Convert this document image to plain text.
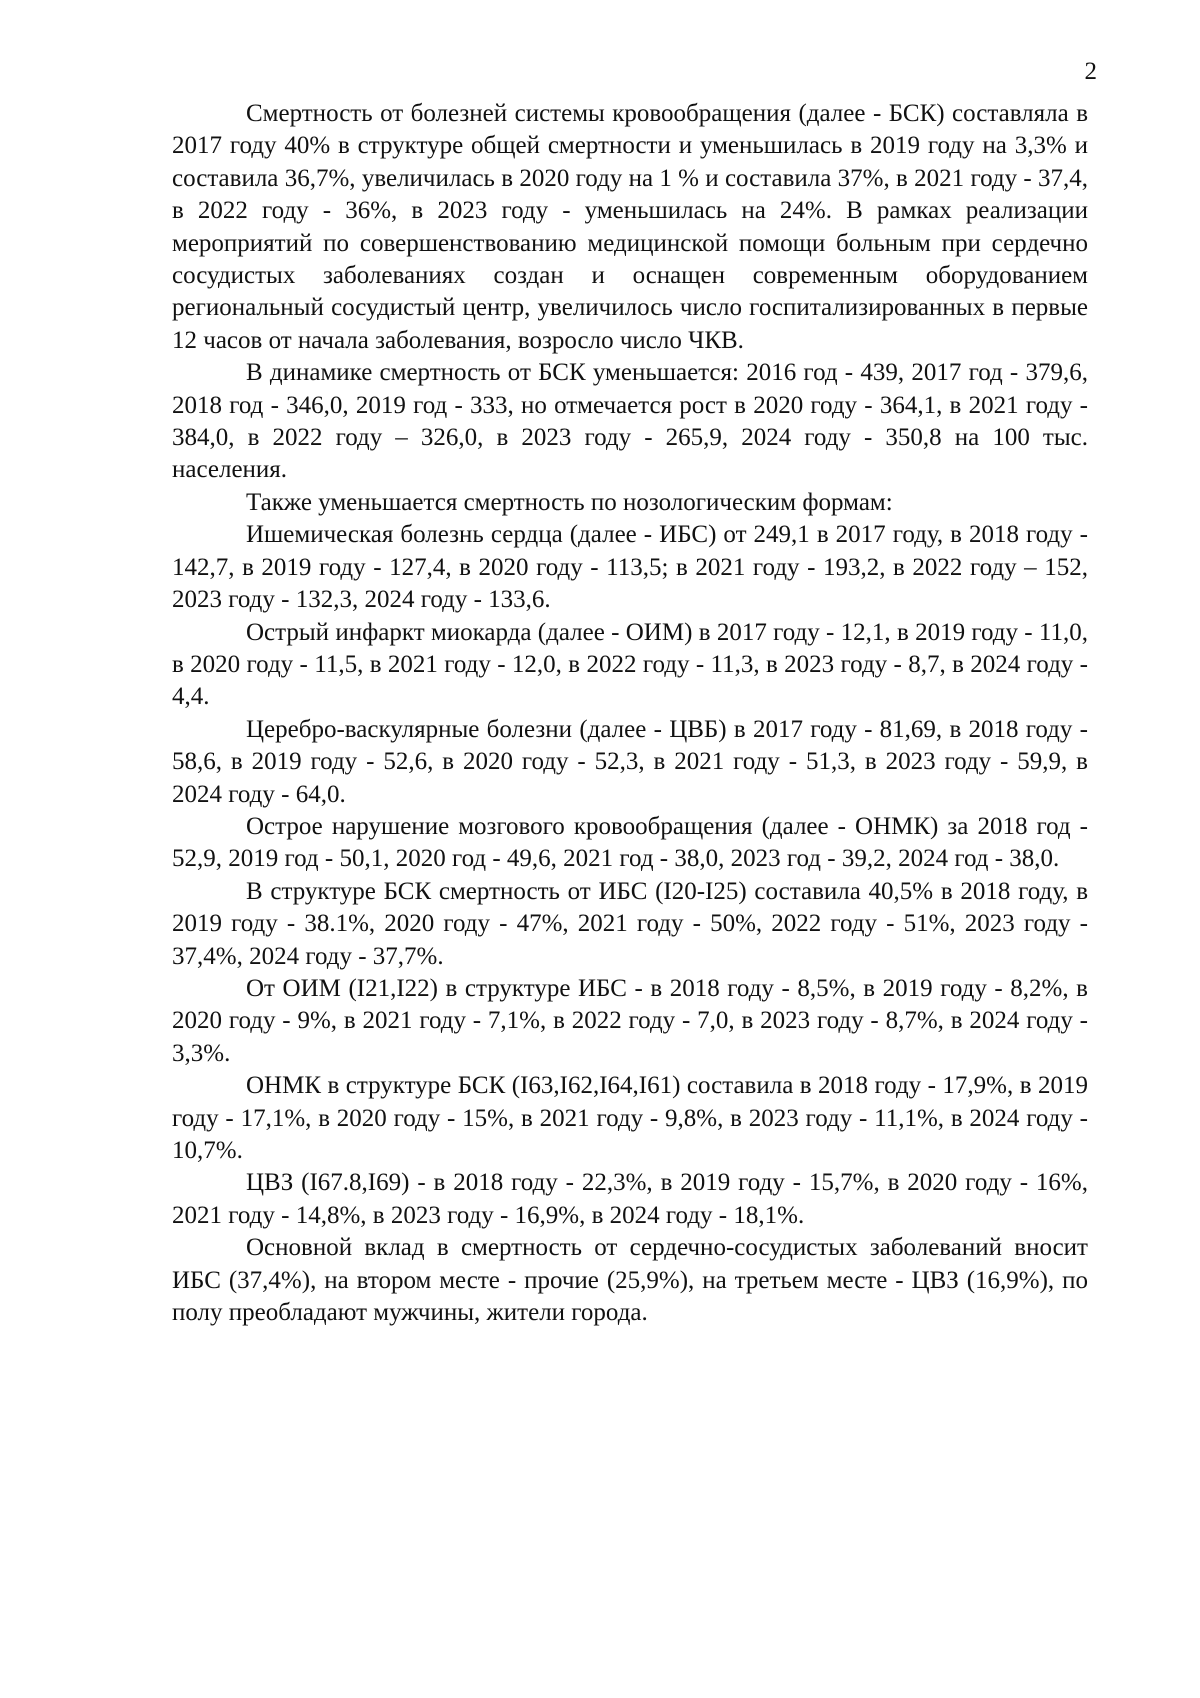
2

Смертность от болезней системы кровообращения (далее - БСК) составляла в 2017 году 40% в структуре общей смертности и уменьшилась в 2019 году на 3,3% и составила 36,7%, увеличилась в 2020 году на 1 % и составила 37%, в 2021 году - 37,4, в 2022 году - 36%, в 2023 году - уменьшилась на 24%. В рамках реализации мероприятий по совершенствованию медицинской помощи больным при сердечно сосудистых заболеваниях создан и оснащен современным оборудованием региональный сосудистый центр, увеличилось число госпитализированных в первые 12 часов от начала заболевания, возросло число ЧКВ.

В динамике смертность от БСК уменьшается: 2016 год - 439, 2017 год - 379,6, 2018 год - 346,0, 2019 год - 333, но отмечается рост в 2020 году - 364,1, в 2021 году - 384,0, в 2022 году – 326,0, в 2023 году - 265,9, 2024 году - 350,8 на 100 тыс. населения.

Также уменьшается смертность по нозологическим формам:

Ишемическая болезнь сердца (далее - ИБС) от 249,1 в 2017 году, в 2018 году - 142,7, в 2019 году - 127,4, в 2020 году - 113,5; в 2021 году - 193,2, в 2022 году – 152, 2023 году - 132,3, 2024 году - 133,6.

Острый инфаркт миокарда (далее - ОИМ) в 2017 году - 12,1, в 2019 году - 11,0, в 2020 году - 11,5, в 2021 году - 12,0, в 2022 году - 11,3, в 2023 году - 8,7, в 2024 году - 4,4.

Церебро-васкулярные болезни (далее - ЦВБ) в 2017 году - 81,69, в 2018 году - 58,6, в 2019 году - 52,6, в 2020 году - 52,3, в 2021 году - 51,3, в 2023 году - 59,9, в 2024 году - 64,0.

Острое нарушение мозгового кровообращения (далее - ОНМК) за 2018 год - 52,9, 2019 год - 50,1, 2020 год - 49,6, 2021 год - 38,0, 2023 год - 39,2, 2024 год - 38,0.

В структуре БСК смертность от ИБС (I20-I25) составила 40,5% в 2018 году, в 2019 году - 38.1%, 2020 году - 47%, 2021 году - 50%, 2022 году - 51%, 2023 году - 37,4%, 2024 году - 37,7%.

От ОИМ (I21,I22) в структуре ИБС - в 2018 году - 8,5%, в 2019 году - 8,2%, в 2020 году - 9%, в 2021 году - 7,1%, в 2022 году - 7,0, в 2023 году - 8,7%, в 2024 году - 3,3%.

ОНМК в структуре БСК (I63,I62,I64,I61) составила в 2018 году - 17,9%, в 2019 году - 17,1%, в 2020 году - 15%, в 2021 году - 9,8%, в 2023 году - 11,1%, в 2024 году - 10,7%.

ЦВЗ (I67.8,I69) - в 2018 году - 22,3%, в 2019 году - 15,7%, в 2020 году - 16%, 2021 году - 14,8%, в 2023 году - 16,9%, в 2024 году - 18,1%.

Основной вклад в смертность от сердечно-сосудистых заболеваний вносит ИБС (37,4%), на втором месте - прочие (25,9%), на третьем месте - ЦВЗ (16,9%), по полу преобладают мужчины, жители города.
